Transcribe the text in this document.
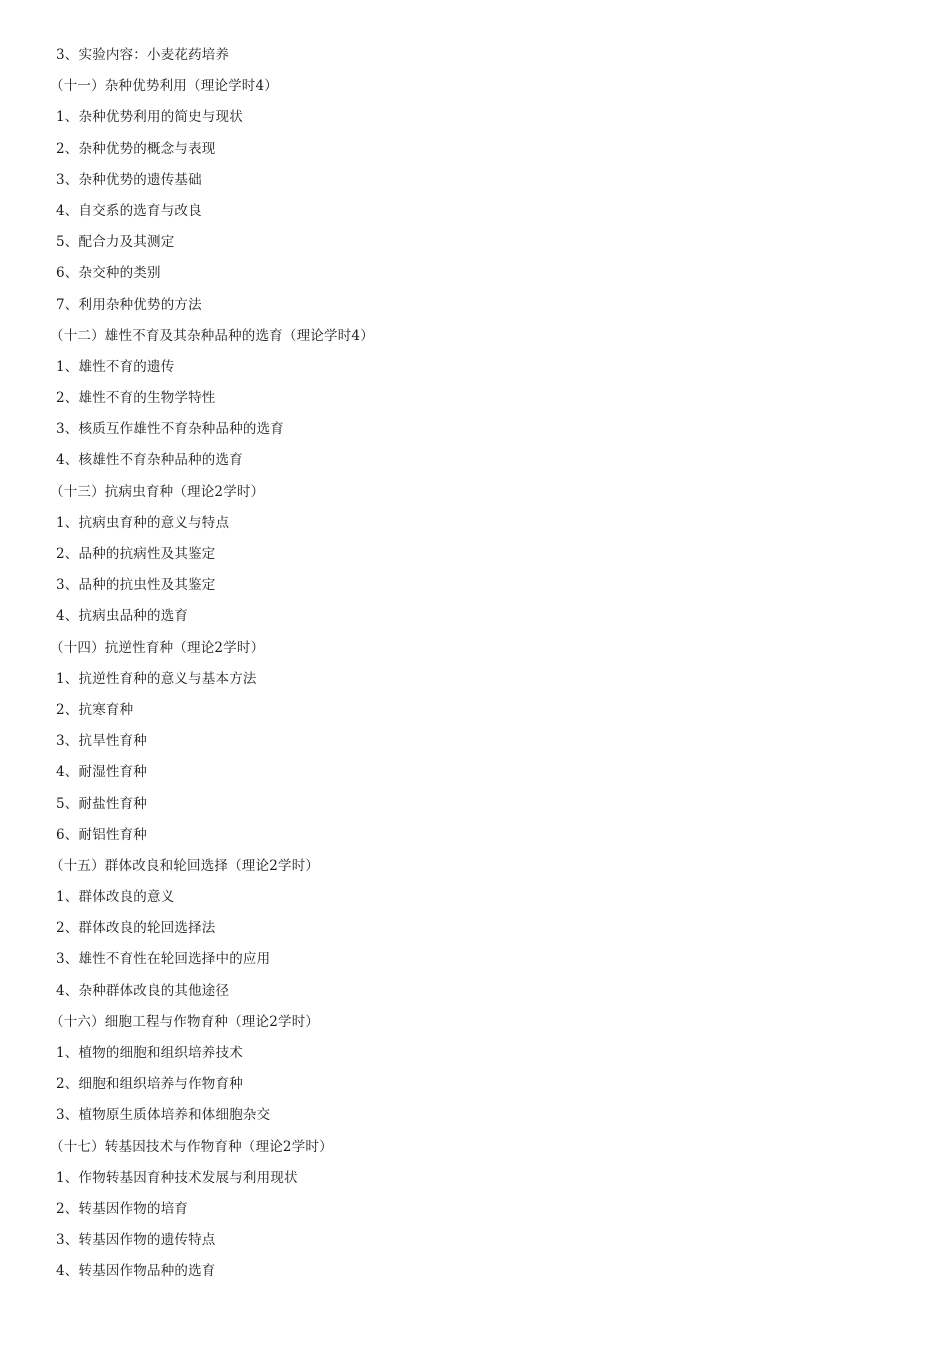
3、实验内容：小麦花药培养
（十一）杂种优势利用（理论学时4）
1、杂种优势利用的简史与现状
2、杂种优势的概念与表现
3、杂种优势的遗传基础
4、自交系的选育与改良
5、配合力及其测定
6、杂交种的类别
7、利用杂种优势的方法
（十二）雄性不育及其杂种品种的选育（理论学时4）
1、雄性不育的遗传
2、雄性不育的生物学特性
3、核质互作雄性不育杂种品种的选育
4、核雄性不育杂种品种的选育
（十三）抗病虫育种（理论2学时）
1、抗病虫育种的意义与特点
2、品种的抗病性及其鉴定
3、品种的抗虫性及其鉴定
4、抗病虫品种的选育
（十四）抗逆性育种（理论2学时）
1、抗逆性育种的意义与基本方法
2、抗寒育种
3、抗旱性育种
4、耐湿性育种
5、耐盐性育种
6、耐铝性育种
（十五）群体改良和轮回选择（理论2学时）
1、群体改良的意义
2、群体改良的轮回选择法
3、雄性不育性在轮回选择中的应用
4、杂种群体改良的其他途径
（十六）细胞工程与作物育种（理论2学时）
1、植物的细胞和组织培养技术
2、细胞和组织培养与作物育种
3、植物原生质体培养和体细胞杂交
（十七）转基因技术与作物育种（理论2学时）
1、作物转基因育种技术发展与利用现状
2、转基因作物的培育
3、转基因作物的遗传特点
4、转基因作物品种的选育
